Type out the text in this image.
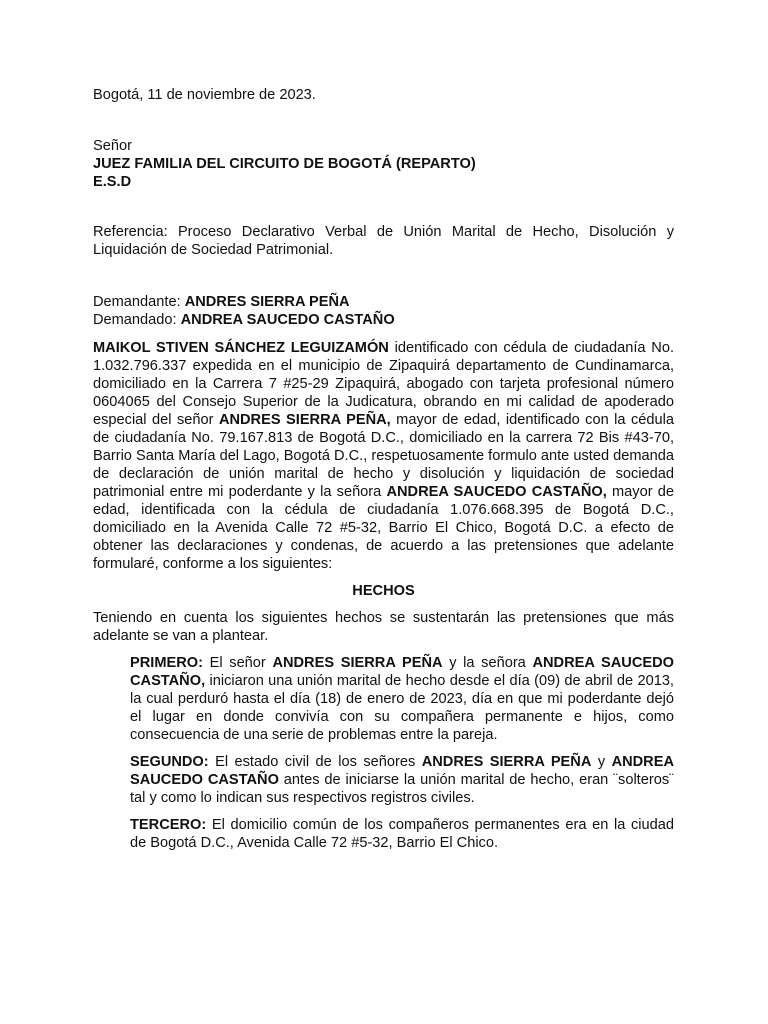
Bogotá, 11 de noviembre de 2023.

Señor

JUEZ FAMILIA DEL CIRCUITO DE BOGOTÁ (REPARTO)

E.S.D

Referencia: Proceso Declarativo Verbal de Unión Marital de Hecho, Disolución y Liquidación de Sociedad Patrimonial.

Demandante: ANDRES SIERRA PEÑA

Demandado: ANDREA SAUCEDO CASTAÑO

MAIKOL STIVEN SÁNCHEZ LEGUIZAMÓN identificado con cédula de ciudadanía No. 1.032.796.337 expedida en el municipio de Zipaquirá departamento de Cundinamarca, domiciliado en la Carrera 7 #25-29 Zipaquirá, abogado con tarjeta profesional número 0604065 del Consejo Superior de la Judicatura, obrando en mi calidad de apoderado especial del señor ANDRES SIERRA PEÑA, mayor de edad, identificado con la cédula de ciudadanía No. 79.167.813 de Bogotá D.C., domiciliado en la carrera 72 Bis #43-70, Barrio Santa María del Lago, Bogotá D.C., respetuosamente formulo ante usted demanda de declaración de unión marital de hecho y disolución y liquidación de sociedad patrimonial entre mi poderdante y la señora ANDREA SAUCEDO CASTAÑO, mayor de edad, identificada con la cédula de ciudadanía 1.076.668.395 de Bogotá D.C., domiciliado en la Avenida Calle 72 #5-32, Barrio El Chico, Bogotá D.C. a efecto de obtener las declaraciones y condenas, de acuerdo a las pretensiones que adelante formularé, conforme a los siguientes:

HECHOS

Teniendo en cuenta los siguientes hechos se sustentarán las pretensiones que más adelante se van a plantear.

PRIMERO: El señor ANDRES SIERRA PEÑA y la señora ANDREA SAUCEDO CASTAÑO, iniciaron una unión marital de hecho desde el día (09) de abril de 2013, la cual perduró hasta el día (18) de enero de 2023, día en que mi poderdante dejó el lugar en donde convivía con su compañera permanente e hijos, como consecuencia de una serie de problemas entre la pareja.

SEGUNDO: El estado civil de los señores ANDRES SIERRA PEÑA y ANDREA SAUCEDO CASTAÑO antes de iniciarse la unión marital de hecho, eran ¨solteros¨ tal y como lo indican sus respectivos registros civiles.

TERCERO: El domicilio común de los compañeros permanentes era en la ciudad de Bogotá D.C., Avenida Calle 72 #5-32, Barrio El Chico.
